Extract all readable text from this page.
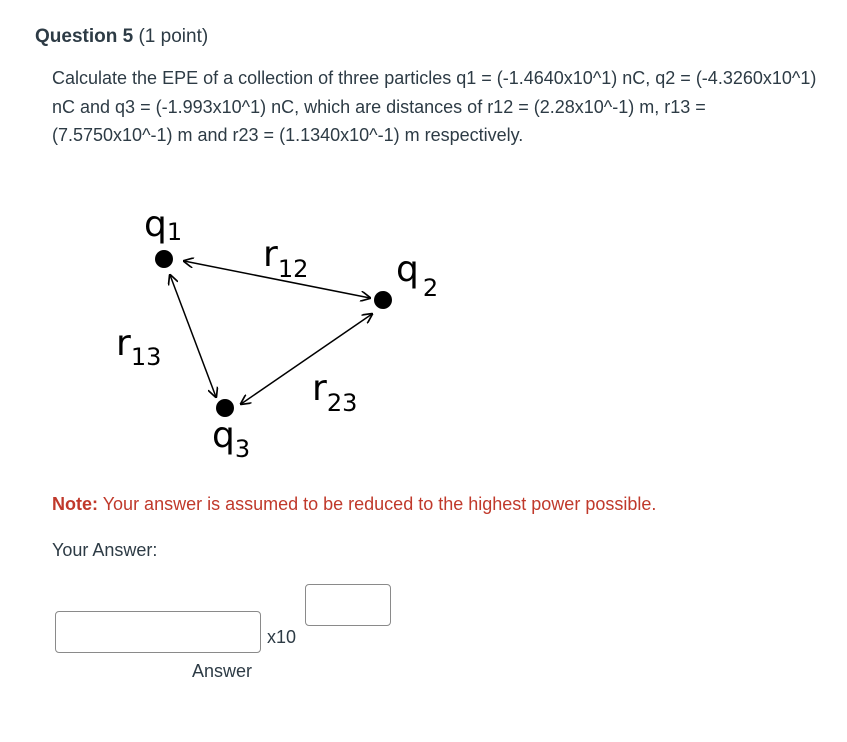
Question 5 (1 point)
Calculate the EPE of a collection of three particles q1 = (-1.4640x10^1) nC, q2 = (-4.3260x10^1) nC and q3 = (-1.993x10^1) nC, which are distances of r12 = (2.28x10^-1) m, r13 = (7.5750x10^-1) m and r23 = (1.1340x10^-1) m respectively.
q1
q $_2$
$q_3$
$r_{12}$
$r_{13}$
$r_{23}$
Note: Your answer is assumed to be reduced to the highest power possible.
Your Answer:
x10
Answer
